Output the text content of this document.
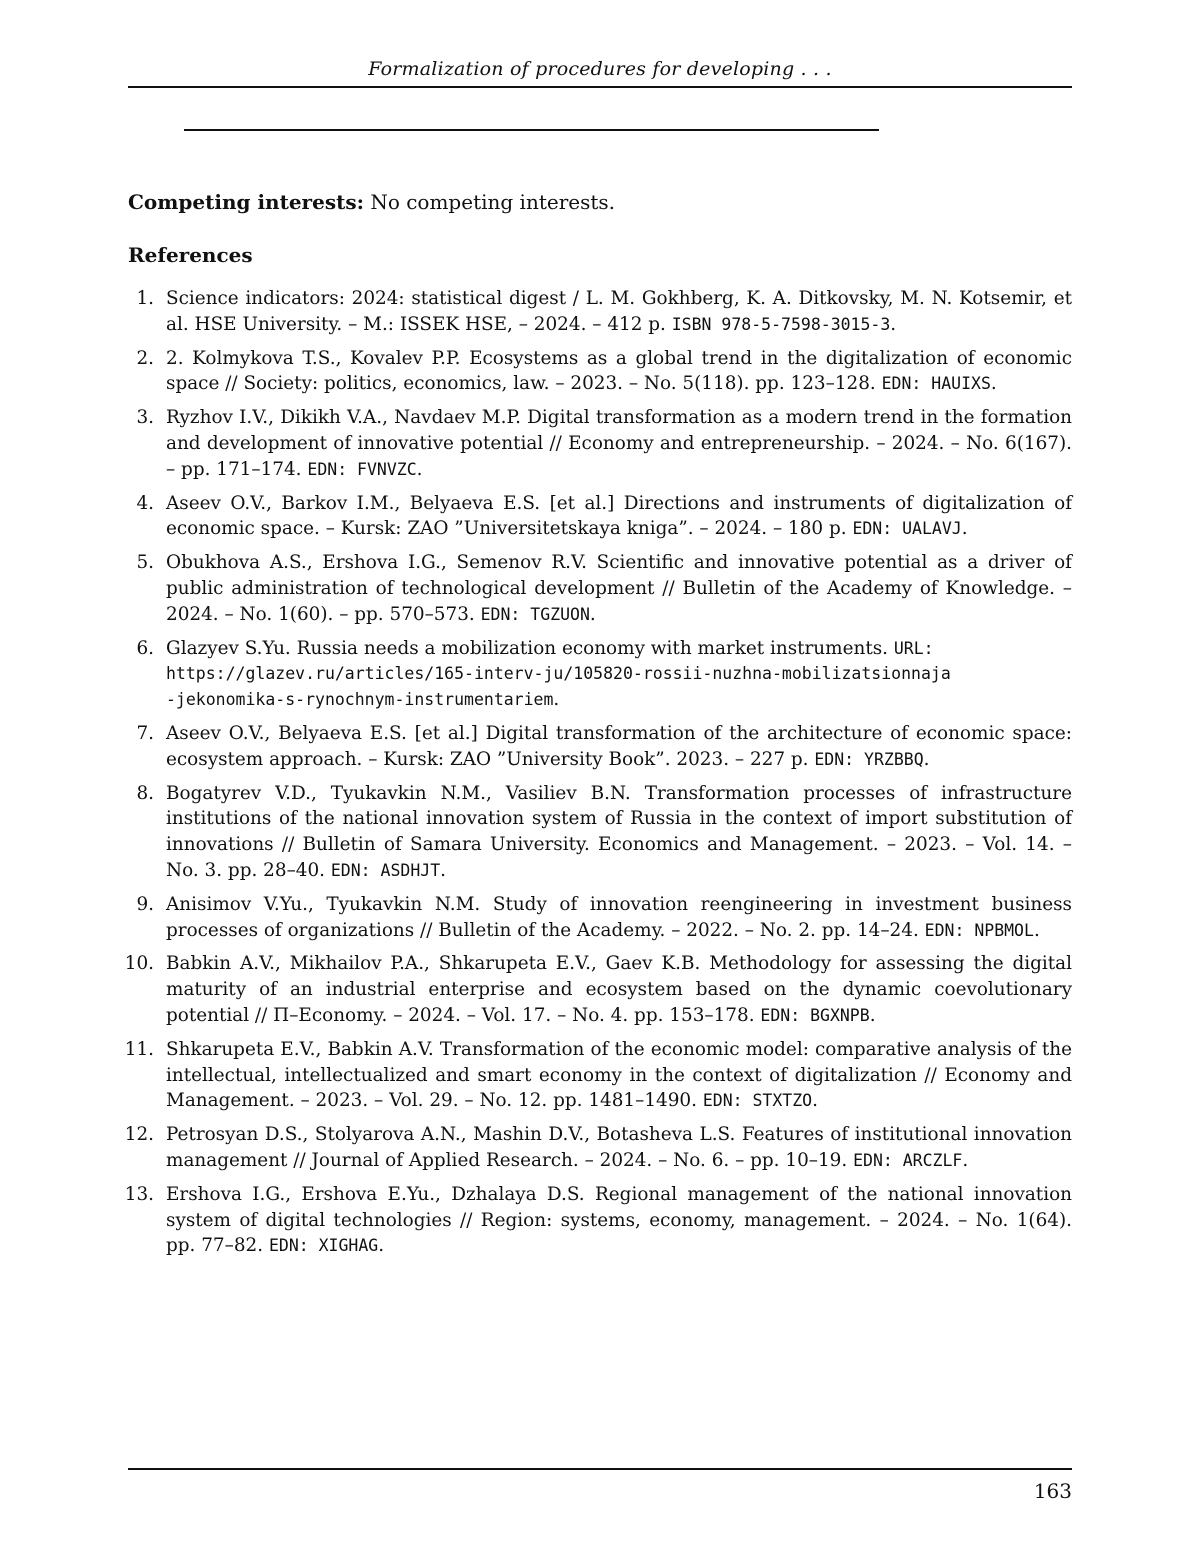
Formalization of procedures for developing . . .
Competing interests: No competing interests.
References
1. Science indicators: 2024: statistical digest / L. M. Gokhberg, K. A. Ditkovsky, M. N. Kotsemir, et al. HSE University. – M.: ISSEK HSE, – 2024. – 412 p. ISBN 978-5-7598-3015-3.
2. 2. Kolmykova T.S., Kovalev P.P. Ecosystems as a global trend in the digitalization of economic space // Society: politics, economics, law. – 2023. – No. 5(118). pp. 123–128. EDN: HAUIXS.
3. Ryzhov I.V., Dikikh V.A., Navdaev M.P. Digital transformation as a modern trend in the formation and development of innovative potential // Economy and entrepreneurship. – 2024. – No. 6(167). – pp. 171–174. EDN: FVNVZC.
4. Aseev O.V., Barkov I.M., Belyaeva E.S. [et al.] Directions and instruments of digitalization of economic space. – Kursk: ZAO ”Universitetskaya kniga”. – 2024. – 180 p. EDN: UALAVJ.
5. Obukhova A.S., Ershova I.G., Semenov R.V. Scientific and innovative potential as a driver of public administration of technological development // Bulletin of the Academy of Knowledge. – 2024. – No. 1(60). – pp. 570–573. EDN: TGZUON.
6. Glazyev S.Yu. Russia needs a mobilization economy with market instruments. URL:
https://glazev.ru/articles/165-interv-ju/105820-rossii-nuzhna-mobilizatsionnaja
-jekonomika-s-rynochnym-instrumentariem.
7. Aseev O.V., Belyaeva E.S. [et al.] Digital transformation of the architecture of economic space: ecosystem approach. – Kursk: ZAO ”University Book”. 2023. – 227 p. EDN: YRZBBQ.
8. Bogatyrev V.D., Tyukavkin N.M., Vasiliev B.N. Transformation processes of infrastructure institutions of the national innovation system of Russia in the context of import substitution of innovations // Bulletin of Samara University. Economics and Management. – 2023. – Vol. 14. – No. 3. pp. 28–40. EDN: ASDHJT.
9. Anisimov V.Yu., Tyukavkin N.M. Study of innovation reengineering in investment business processes of organizations // Bulletin of the Academy. – 2022. – No. 2. pp. 14–24. EDN: NPBMOL.
10. Babkin A.V., Mikhailov P.A., Shkarupeta E.V., Gaev K.B. Methodology for assessing the digital maturity of an industrial enterprise and ecosystem based on the dynamic coevolutionary potential // Π–Economy. – 2024. – Vol. 17. – No. 4. pp. 153–178. EDN: BGXNPB.
11. Shkarupeta E.V., Babkin A.V. Transformation of the economic model: comparative analysis of the intellectual, intellectualized and smart economy in the context of digitalization // Economy and Management. – 2023. – Vol. 29. – No. 12. pp. 1481–1490. EDN: STXTZO.
12. Petrosyan D.S., Stolyarova A.N., Mashin D.V., Botasheva L.S. Features of institutional innovation management // Journal of Applied Research. – 2024. – No. 6. – pp. 10–19. EDN: ARCZLF.
13. Ershova I.G., Ershova E.Yu., Dzhalaya D.S. Regional management of the national innovation system of digital technologies // Region: systems, economy, management. – 2024. – No. 1(64). pp. 77–82. EDN: XIGHAG.
163
